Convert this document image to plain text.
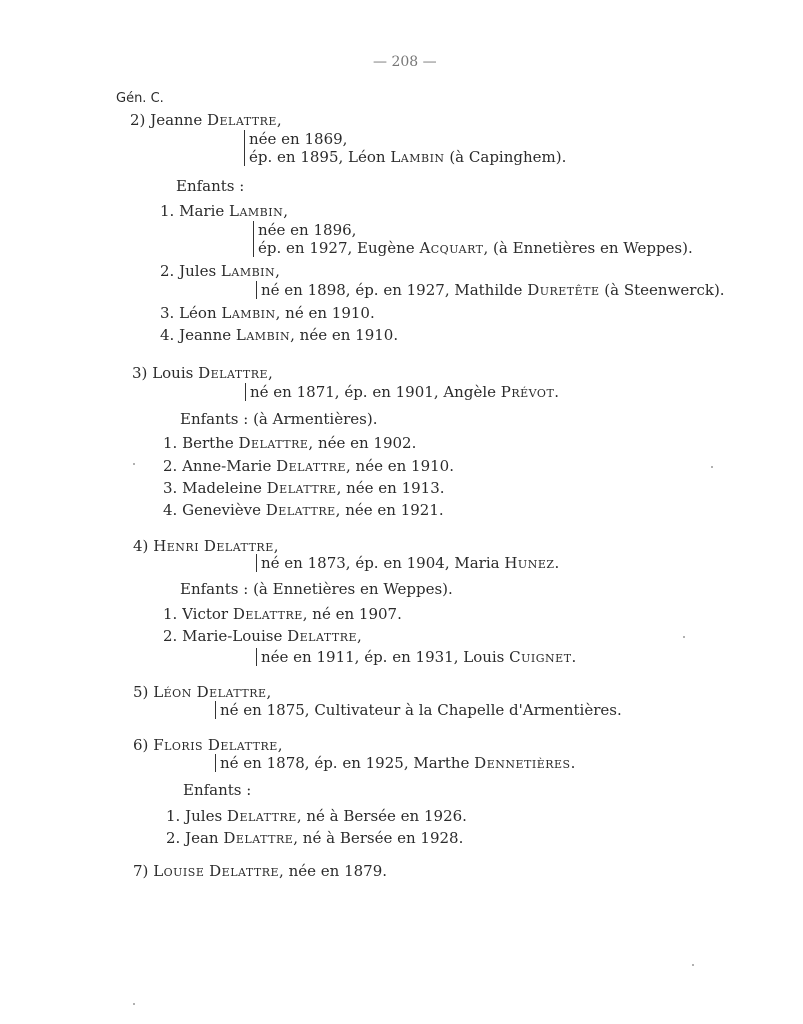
— 208 —
Gén. C.
2) Jeanne Delattre,
née en 1869,
ép. en 1895, Léon Lambin (à Capinghem).
Enfants :
1. Marie Lambin,
née en 1896,
ép. en 1927, Eugène Acquart, (à Ennetières en Weppes).
2. Jules Lambin,
né en 1898, ép. en 1927, Mathilde Duretête (à Steenwerck).
3. Léon Lambin, né en 1910.
4. Jeanne Lambin, née en 1910.
3) Louis Delattre,
né en 1871, ép. en 1901, Angèle Prévot.
Enfants : (à Armentières).
1. Berthe Delattre, née en 1902.
2. Anne-Marie Delattre, née en 1910.
3. Madeleine Delattre, née en 1913.
4. Geneviève Delattre, née en 1921.
4) Henri Delattre,
né en 1873, ép. en 1904, Maria Hunez.
Enfants : (à Ennetières en Weppes).
1. Victor Delattre, né en 1907.
2. Marie-Louise Delattre,
née en 1911, ép. en 1931, Louis Cuignet.
5) Léon Delattre,
né en 1875, Cultivateur à la Chapelle d'Armentières.
6) Floris Delattre,
né en 1878, ép. en 1925, Marthe Dennetières.
Enfants :
1. Jules Delattre, né à Bersée en 1926.
2. Jean Delattre, né à Bersée en 1928.
7) Louise Delattre, née en 1879.
